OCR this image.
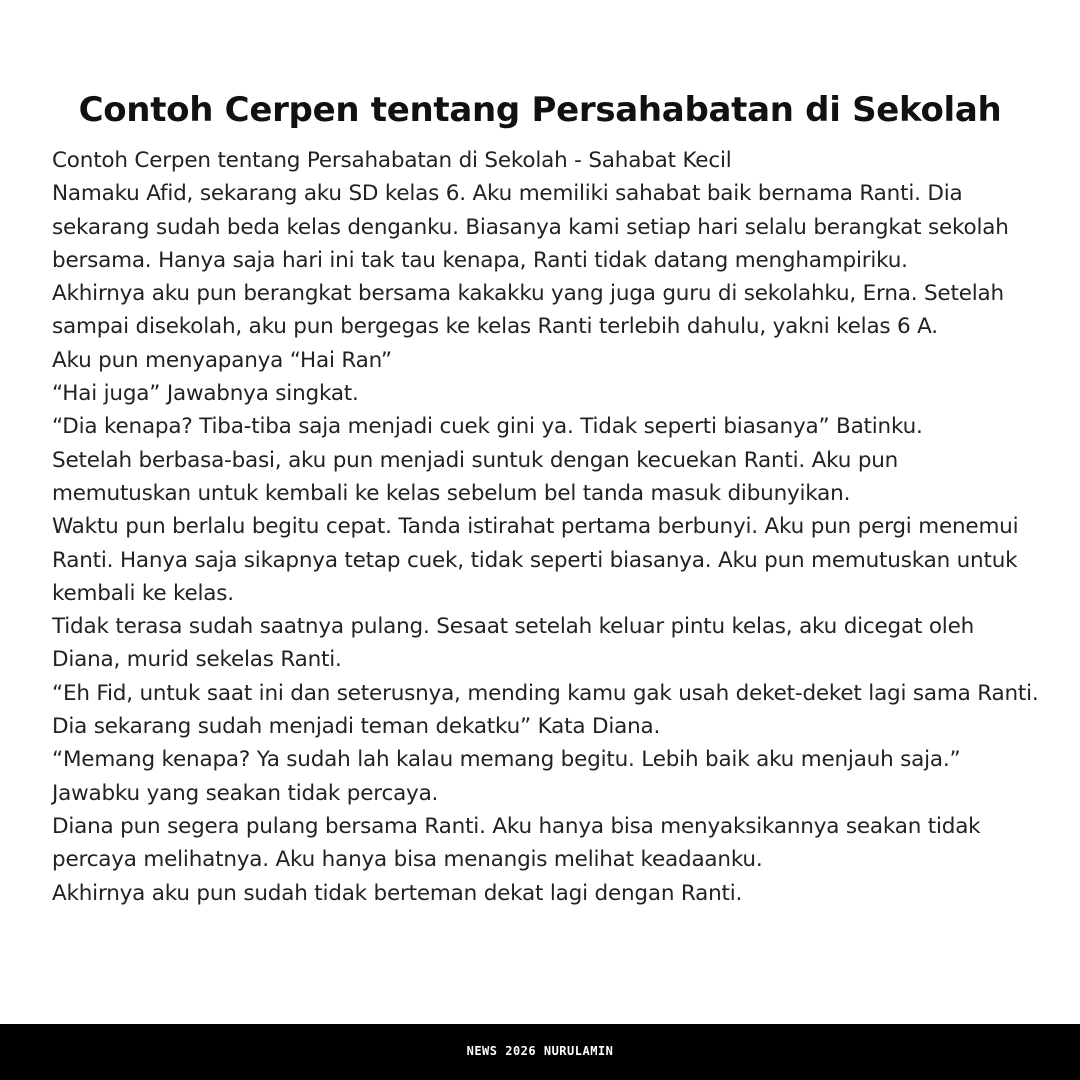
Contoh Cerpen tentang Persahabatan di Sekolah

Contoh Cerpen tentang Persahabatan di Sekolah - Sahabat Kecil

Namaku Afid, sekarang aku SD kelas 6. Aku memiliki sahabat baik bernama Ranti. Dia sekarang sudah beda kelas denganku. Biasanya kami setiap hari selalu berangkat sekolah bersama. Hanya saja hari ini tak tau kenapa, Ranti tidak datang menghampiriku.

Akhirnya aku pun berangkat bersama kakakku yang juga guru di sekolahku, Erna. Setelah sampai disekolah, aku pun bergegas ke kelas Ranti terlebih dahulu, yakni kelas 6 A.

Aku pun menyapanya “Hai Ran”

“Hai juga” Jawabnya singkat.

“Dia kenapa? Tiba-tiba saja menjadi cuek gini ya. Tidak seperti biasanya” Batinku.

Setelah berbasa-basi, aku pun menjadi suntuk dengan kecuekan Ranti. Aku pun memutuskan untuk kembali ke kelas sebelum bel tanda masuk dibunyikan.

Waktu pun berlalu begitu cepat. Tanda istirahat pertama berbunyi. Aku pun pergi menemui Ranti. Hanya saja sikapnya tetap cuek, tidak seperti biasanya. Aku pun memutuskan untuk kembali ke kelas.

Tidak terasa sudah saatnya pulang. Sesaat setelah keluar pintu kelas, aku dicegat oleh Diana, murid sekelas Ranti.

“Eh Fid, untuk saat ini dan seterusnya, mending kamu gak usah deket-deket lagi sama Ranti. Dia sekarang sudah menjadi teman dekatku” Kata Diana.

“Memang kenapa? Ya sudah lah kalau memang begitu. Lebih baik aku menjauh saja.” Jawabku yang seakan tidak percaya.

Diana pun segera pulang bersama Ranti. Aku hanya bisa menyaksikannya seakan tidak percaya melihatnya. Aku hanya bisa menangis melihat keadaanku.

Akhirnya aku pun sudah tidak berteman dekat lagi dengan Ranti.

NEWS 2026 NURULAMIN
